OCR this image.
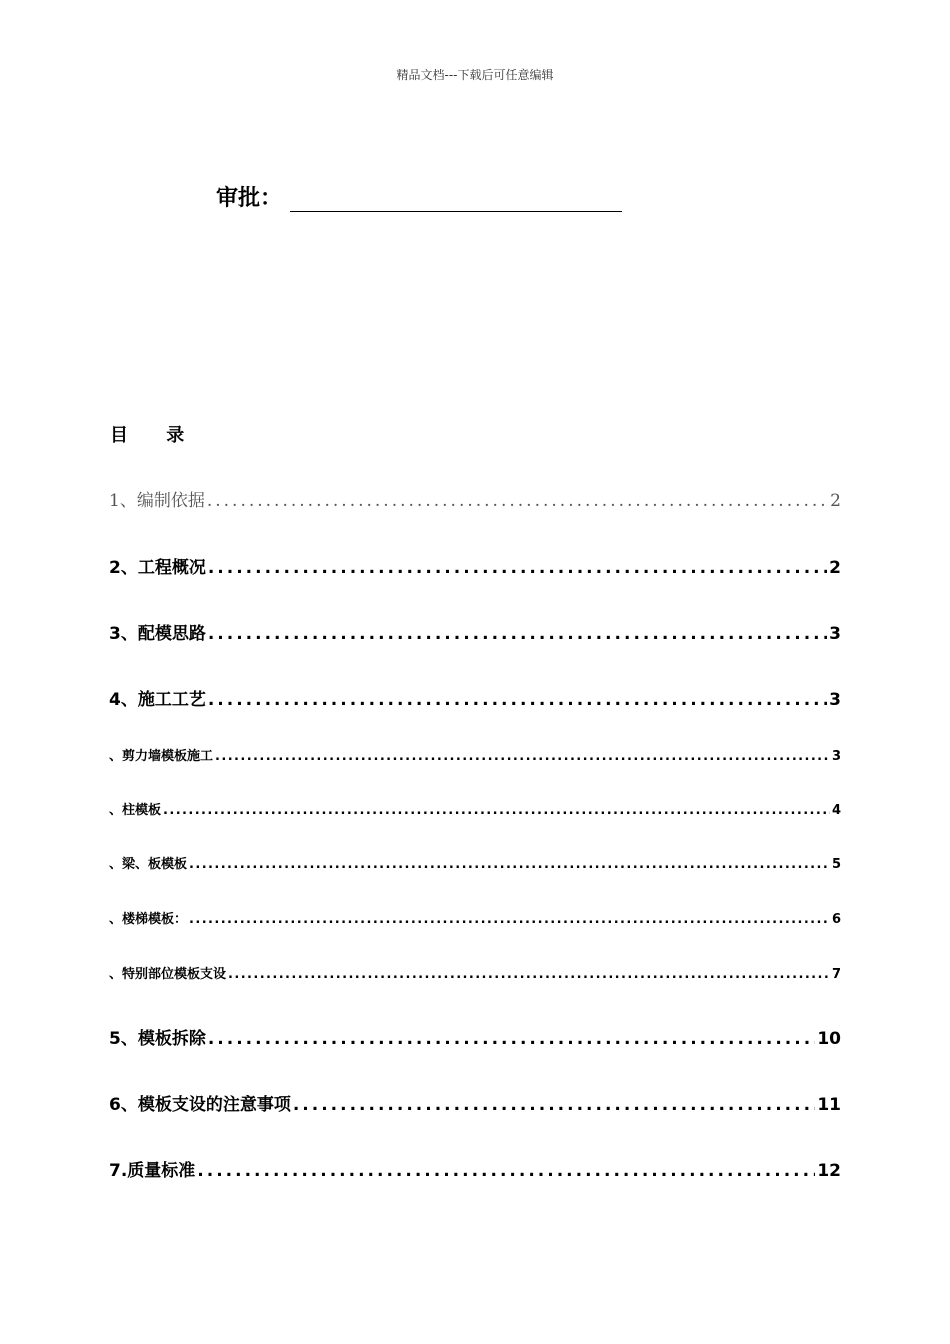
精品文档---下载后可任意编辑
审批：
目 录
1、编制依据 .....	2
2、工程概况 .....	2
3、配模思路 .....	3
4、施工工艺 .....	3
、剪力墙模板施工 .....	3
、柱模板 .....	4
、梁、板模板 .....	5
、楼梯模板： .....	6
、特别部位模板支设 .....	7
5、模板拆除 .....	10
6、模板支设的注意事项 .....	11
7.质量标准 .....	12
